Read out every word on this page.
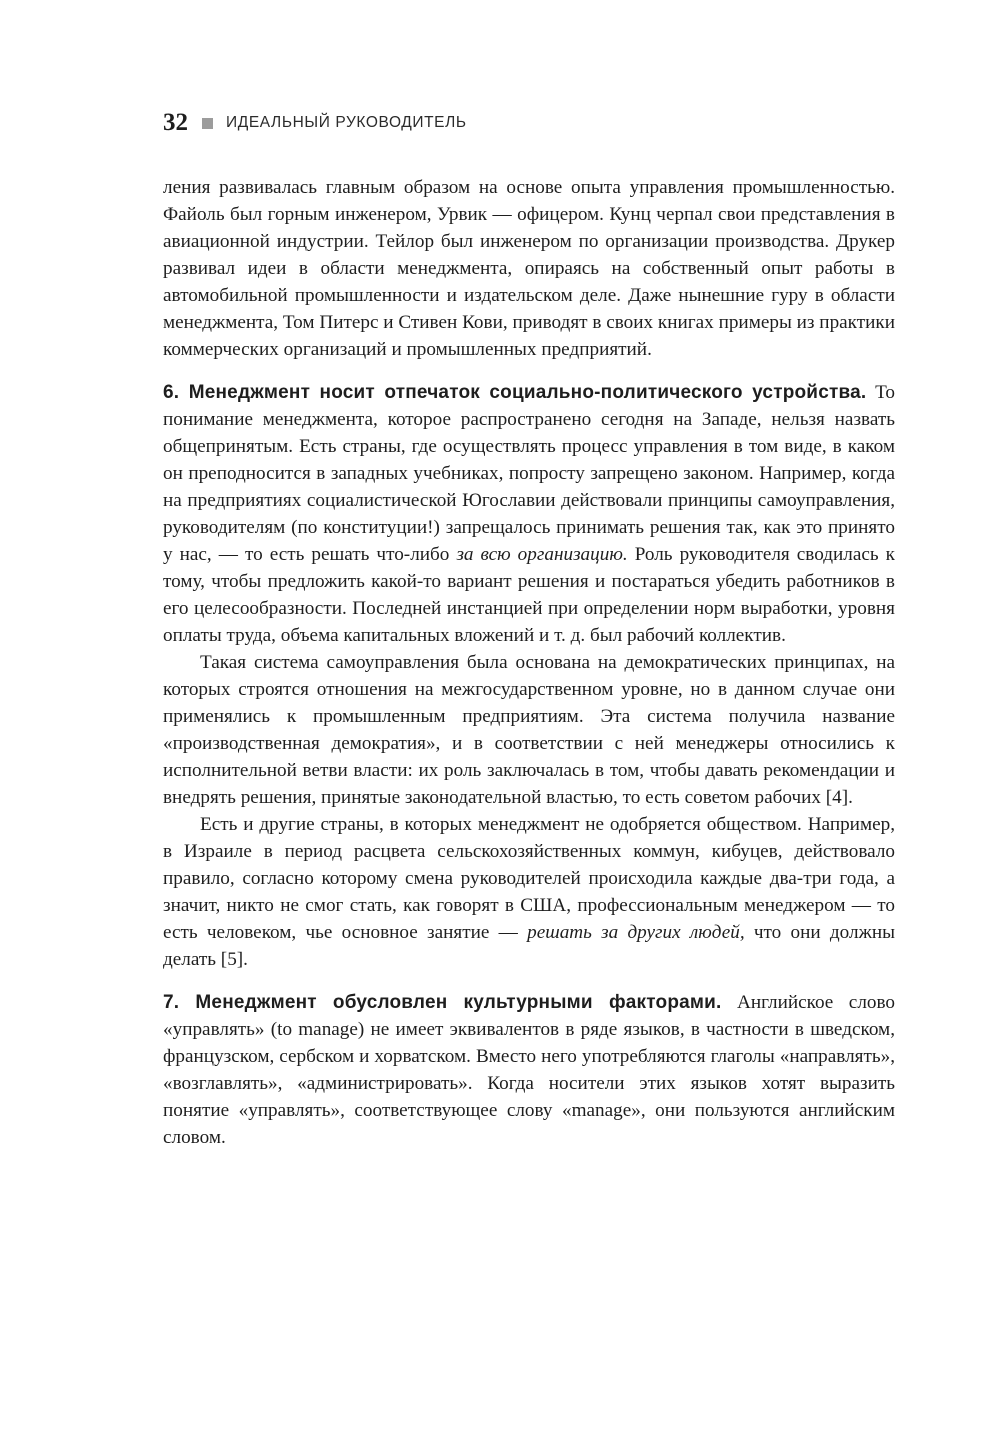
32 ИДЕАЛЬНЫЙ РУКОВОДИТЕЛЬ

ления развивалась главным образом на основе опыта управления промышленностью. Файоль был горным инженером, Урвик — офицером. Кунц черпал свои представления в авиационной индустрии. Тейлор был инженером по организации производства. Друкер развивал идеи в области менеджмента, опираясь на собственный опыт работы в автомобильной промышленности и издательском деле. Даже нынешние гуру в области менеджмента, Том Питерс и Стивен Кови, приводят в своих книгах примеры из практики коммерческих организаций и промышленных предприятий.

6. Менеджмент носит отпечаток социально-политического устройства. То понимание менеджмента, которое распространено сегодня на Западе, нельзя назвать общепринятым. Есть страны, где осуществлять процесс управления в том виде, в каком он преподносится в западных учебниках, попросту запрещено законом. Например, когда на предприятиях социалистической Югославии действовали принципы самоуправления, руководителям (по конституции!) запрещалось принимать решения так, как это принято у нас, — то есть решать что-либо за всю организацию. Роль руководителя сводилась к тому, чтобы предложить какой-то вариант решения и постараться убедить работников в его целесообразности. Последней инстанцией при определении норм выработки, уровня оплаты труда, объема капитальных вложений и т. д. был рабочий коллектив.

Такая система самоуправления была основана на демократических принципах, на которых строятся отношения на межгосударственном уровне, но в данном случае они применялись к промышленным предприятиям. Эта система получила название «производственная демократия», и в соответствии с ней менеджеры относились к исполнительной ветви власти: их роль заключалась в том, чтобы давать рекомендации и внедрять решения, принятые законодательной властью, то есть советом рабочих [4].

Есть и другие страны, в которых менеджмент не одобряется обществом. Например, в Израиле в период расцвета сельскохозяйственных коммун, кибуцев, действовало правило, согласно которому смена руководителей происходила каждые два-три года, а значит, никто не смог стать, как говорят в США, профессиональным менеджером — то есть человеком, чье основное занятие — решать за других людей, что они должны делать [5].

7. Менеджмент обусловлен культурными факторами. Английское слово «управлять» (to manage) не имеет эквивалентов в ряде языков, в частности в шведском, французском, сербском и хорватском. Вместо него употребляются глаголы «направлять», «возглавлять», «администрировать». Когда носители этих языков хотят выразить понятие «управлять», соответствующее слову «manage», они пользуются английским словом.
